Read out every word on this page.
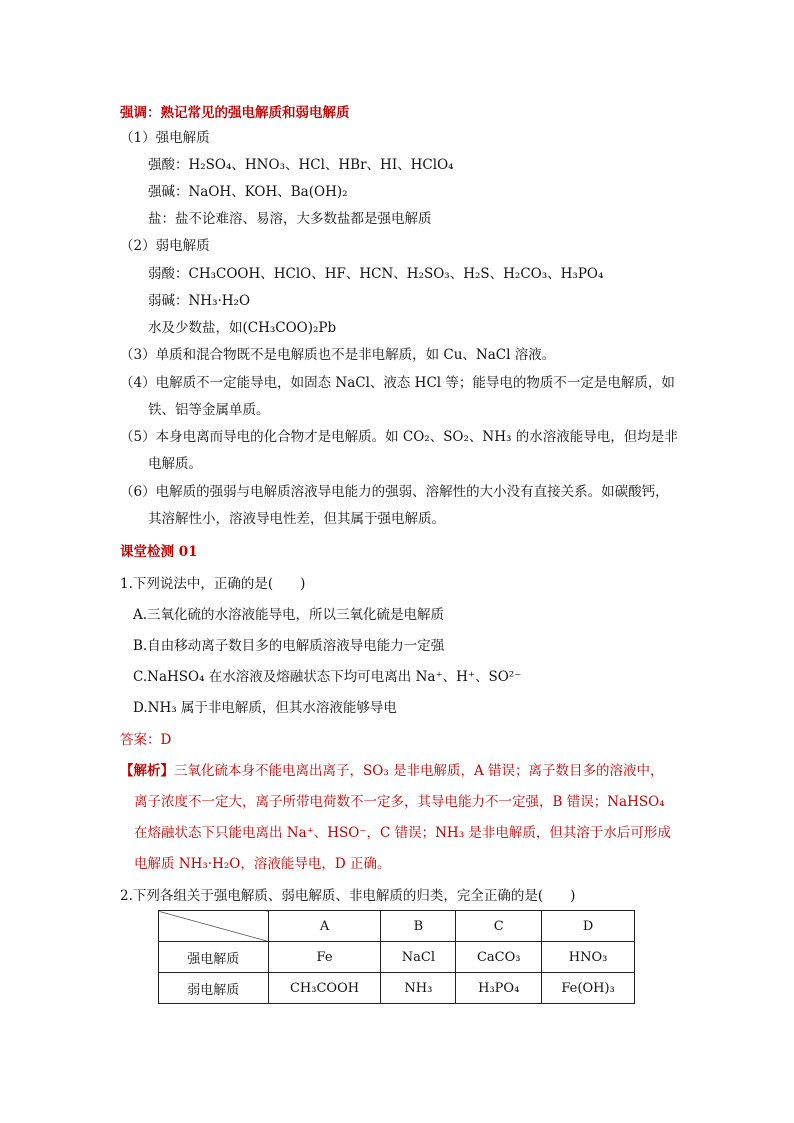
强调：熟记常见的强电解质和弱电解质
（1）强电解质
强酸：H₂SO₄、HNO₃、HCl、HBr、HI、HClO₄
强碱：NaOH、KOH、Ba(OH)₂
盐：盐不论难溶、易溶，大多数盐都是强电解质
（2）弱电解质
弱酸：CH₃COOH、HClO、HF、HCN、H₂SO₃、H₂S、H₂CO₃、H₃PO₄
弱碱：NH₃·H₂O
水及少数盐，如(CH₃COO)₂Pb
（3）单质和混合物既不是电解质也不是非电解质，如 Cu、NaCl 溶液。
（4）电解质不一定能导电，如固态 NaCl、液态 HCl 等；能导电的物质不一定是电解质，如
铁、铝等金属单质。
（5）本身电离而导电的化合物才是电解质。如 CO₂、SO₂、NH₃ 的水溶液能导电，但均是非
电解质。
（6）电解质的强弱与电解质溶液导电能力的强弱、溶解性的大小没有直接关系。如碳酸钙，
其溶解性小，溶液导电性差，但其属于强电解质。
课堂检测 01
1.下列说法中，正确的是(　　)
A.三氧化硫的水溶液能导电，所以三氧化硫是电解质
B.自由移动离子数目多的电解质溶液导电能力一定强
C.NaHSO₄ 在水溶液及熔融状态下均可电离出 Na⁺、H⁺、SO²⁻
D.NH₃ 属于非电解质，但其水溶液能够导电
答案：D
【解析】三氧化硫本身不能电离出离子，SO₃ 是非电解质，A 错误；离子数目多的溶液中，
离子浓度不一定大，离子所带电荷数不一定多，其导电能力不一定强，B 错误；NaHSO₄
在熔融状态下只能电离出 Na⁺、HSO⁻，C 错误；NH₃ 是非电解质，但其溶于水后可形成
电解质 NH₃·H₂O，溶液能导电，D 正确。
2.下列各组关于强电解质、弱电解质、非电解质的归类，完全正确的是(　　)
	A	B	C	D
强电解质	Fe	NaCl	CaCO₃	HNO₃
弱电解质	CH₃COOH	NH₃	H₃PO₄	Fe(OH)₃
